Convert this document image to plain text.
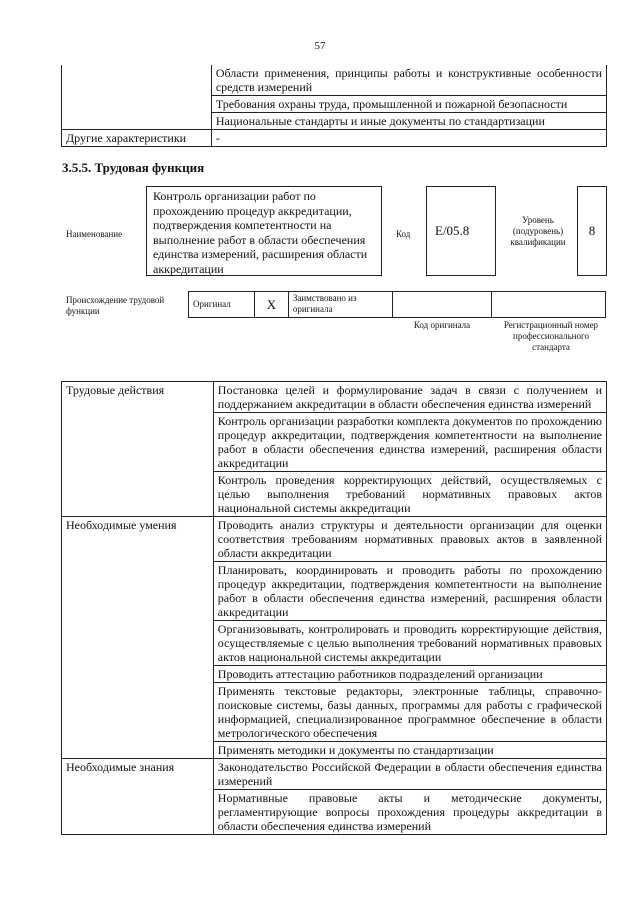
57
	Области применения, принципы работы и конструктивные особенности средств измерений
	Требования охраны труда, промышленной и пожарной безопасности
	Национальные стандарты и иные документы по стандартизации
Другие характеристики	-
3.5.5. Трудовая функция
Наименование
Контроль организации работ по прохождению процедур аккредитации, подтверждения компетентности на выполнение работ в области обеспечения единства измерений, расширения области аккредитации
Код	E/05.8
Уровень (подуровень) квалификации
8
Происхождение трудовой функции
Оригинал	X	Заимствовано из оригинала		
Код оригинала	Регистрационный номер профессионального стандарта
Трудовые действия	Постановка целей и формулирование задач в связи с получением и поддержанием аккредитации в области обеспечения единства измерений
	Контроль организации разработки комплекта документов по прохождению процедур аккредитации, подтверждения компетентности на выполнение работ в области обеспечения единства измерений, расширения области аккредитации
	Контроль проведения корректирующих действий, осуществляемых с целью выполнения требований нормативных правовых актов национальной системы аккредитации
Необходимые умения	Проводить анализ структуры и деятельности организации для оценки соответствия требованиям нормативных правовых актов в заявленной области аккредитации
	Планировать, координировать и проводить работы по прохождению процедур аккредитации, подтверждения компетентности на выполнение работ в области обеспечения единства измерений, расширения области аккредитации
	Организовывать, контролировать и проводить корректирующие действия, осуществляемые с целью выполнения требований нормативных правовых актов национальной системы аккредитации
	Проводить аттестацию работников подразделений организации
	Применять текстовые редакторы, электронные таблицы, справочно-поисковые системы, базы данных, программы для работы с графической информацией, специализированное программное обеспечение в области метрологического обеспечения
	Применять методики и документы по стандартизации
Необходимые знания	Законодательство Российской Федерации в области обеспечения единства измерений
	Нормативные правовые акты и методические документы, регламентирующие вопросы прохождения процедуры аккредитации в области обеспечения единства измерений
